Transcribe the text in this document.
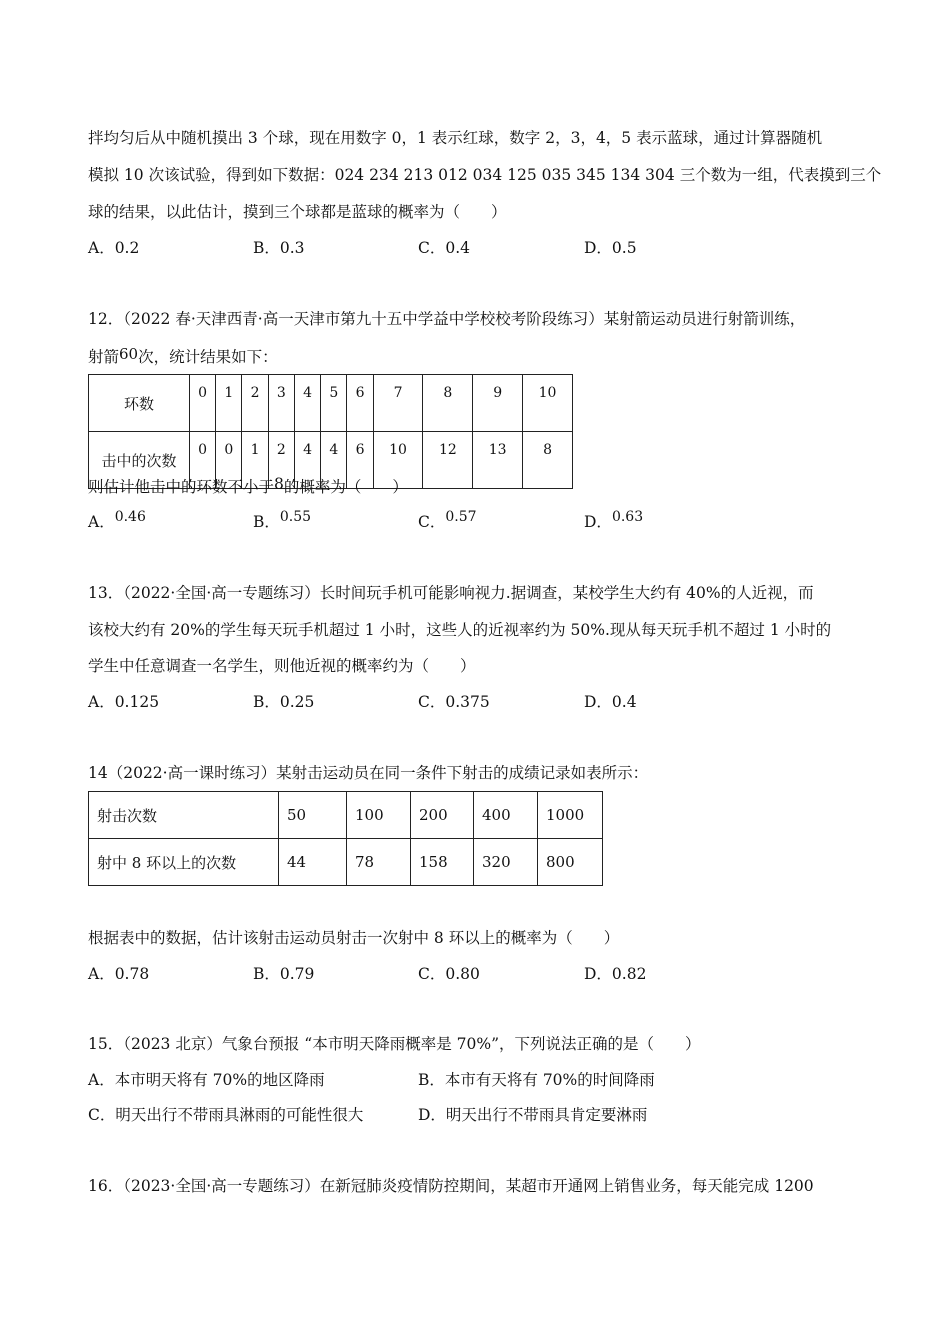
拌均匀后从中随机摸出 3 个球，现在用数字 0，1 表示红球，数字 2，3，4，5 表示蓝球，通过计算器随机
模拟 10 次该试验，得到如下数据：024 234 213 012 034 125 035 345 134 304 三个数为一组，代表摸到三个
球的结果，以此估计，摸到三个球都是蓝球的概率为（　　）
A．0.2	B．0.3	C．0.4	D．0.5
12．（2022 春·天津西青·高一天津市第九十五中学益中学校校考阶段练习）某射箭运动员进行射箭训练，
射箭60次，统计结果如下：
环数	0	1	2	3	4	5	6	7	8	9	10
击中的次数	0	0	1	2	4	4	6	10	12	13	8
则估计他击中的环数不小于8的概率为（　　）
A．0.46	B．0.55	C．0.57	D．0.63
13．（2022·全国·高一专题练习）长时间玩手机可能影响视力.据调查，某校学生大约有 40%的人近视，而
该校大约有 20%的学生每天玩手机超过 1 小时，这些人的近视率约为 50%.现从每天玩手机不超过 1 小时的
学生中任意调查一名学生，则他近视的概率约为（　　）
A．0.125	B．0.25	C．0.375	D．0.4
14（2022·高一课时练习）某射击运动员在同一条件下射击的成绩记录如表所示：
射击次数	50	100	200	400	1000
射中 8 环以上的次数	44	78	158	320	800
根据表中的数据，估计该射击运动员射击一次射中 8 环以上的概率为（　　）
A．0.78	B．0.79	C．0.80	D．0.82
15．（2023 北京）气象台预报 “本市明天降雨概率是 70%”，下列说法正确的是（　　）
A．本市明天将有 70%的地区降雨	B．本市有天将有 70%的时间降雨
C．明天出行不带雨具淋雨的可能性很大	D．明天出行不带雨具肯定要淋雨
16．（2023·全国·高一专题练习）在新冠肺炎疫情防控期间，某超市开通网上销售业务，每天能完成 1200
